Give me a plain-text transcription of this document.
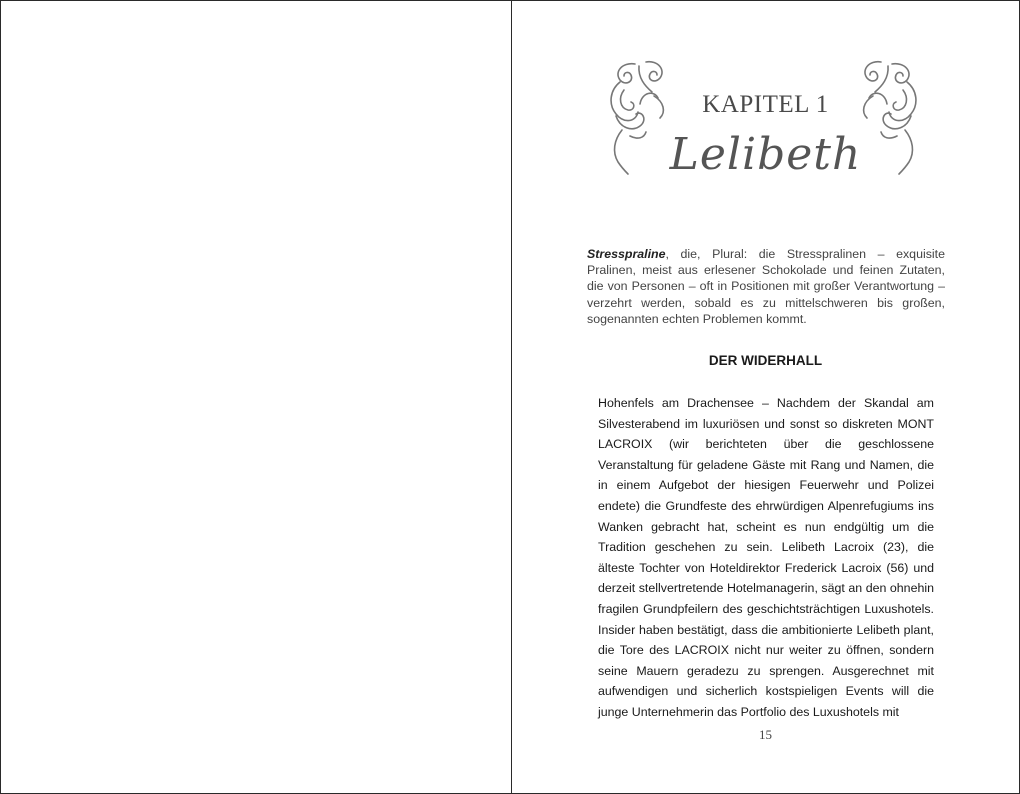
KAPITEL 1
Lelibeth
Stresspraline, die, Plural: die Stresspralinen – exquisite Pralinen, meist aus erlesener Schokolade und feinen Zutaten, die von Personen – oft in Positionen mit großer Verantwortung – verzehrt werden, sobald es zu mittelschweren bis großen, sogenannten echten Problemen kommt.
DER WIDERHALL
Hohenfels am Drachensee – Nachdem der Skandal am Silvesterabend im luxuriösen und sonst so diskreten MONT LACROIX (wir berichteten über die geschlossene Veranstaltung für geladene Gäste mit Rang und Namen, die in einem Aufgebot der hiesigen Feuerwehr und Polizei endete) die Grundfeste des ehrwürdigen Alpenrefugiums ins Wanken gebracht hat, scheint es nun endgültig um die Tradition geschehen zu sein. Lelibeth Lacroix (23), die älteste Tochter von Hoteldirektor Frederick Lacroix (56) und derzeit stellvertretende Hotelmanagerin, sägt an den ohnehin fragilen Grundpfeilern des geschichtsträchtigen Luxushotels. Insider haben bestätigt, dass die ambitionierte Lelibeth plant, die Tore des LACROIX nicht nur weiter zu öffnen, sondern seine Mauern geradezu zu sprengen. Ausgerechnet mit aufwendigen und sicherlich kostspieligen Events will die junge Unternehmerin das Portfolio des Luxushotels mit
15
